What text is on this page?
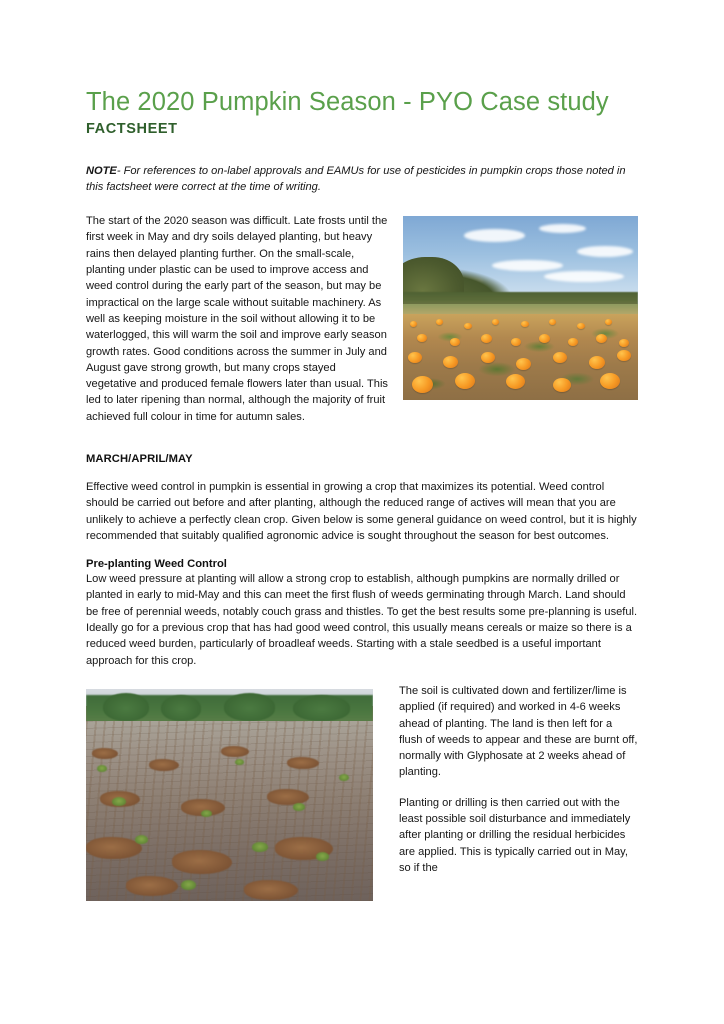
The 2020 Pumpkin Season - PYO Case study
FACTSHEET

NOTE- For references to on-label approvals and EAMUs for use of pesticides in pumpkin crops those noted in this factsheet were correct at the time of writing.

The start of the 2020 season was difficult. Late frosts until the first week in May and dry soils delayed planting, but heavy rains then delayed planting further. On the small-scale, planting under plastic can be used to improve access and weed control during the early part of the season, but may be impractical on the large scale without suitable machinery. As well as keeping moisture in the soil without allowing it to be waterlogged, this will warm the soil and improve early season growth rates. Good conditions across the summer in July and August gave strong growth, but many crops stayed vegetative and produced female flowers later than usual. This led to later ripening than normal, although the majority of fruit achieved full colour in time for autumn sales.

MARCH/APRIL/MAY

Effective weed control in pumpkin is essential in growing a crop that maximizes its potential. Weed control should be carried out before and after planting, although the reduced range of actives will mean that you are unlikely to achieve a perfectly clean crop. Given below is some general guidance on weed control, but it is highly recommended that suitably qualified agronomic advice is sought throughout the season for best outcomes.

Pre-planting Weed Control

Low weed pressure at planting will allow a strong crop to establish, although pumpkins are normally drilled or planted in early to mid-May and this can meet the first flush of weeds germinating through March. Land should be free of perennial weeds, notably couch grass and thistles. To get the best results some pre-planning is useful. Ideally go for a previous crop that has had good weed control, this usually means cereals or maize so there is a reduced weed burden, particularly of broadleaf weeds. Starting with a stale seedbed is a useful important approach for this crop.

The soil is cultivated down and fertilizer/lime is applied (if required) and worked in 4-6 weeks ahead of planting. The land is then left for a flush of weeds to appear and these are burnt off, normally with Glyphosate at 2 weeks ahead of planting.

Planting or drilling is then carried out with the least possible soil disturbance and immediately after planting or drilling the residual herbicides are applied. This is typically carried out in May, so if the
